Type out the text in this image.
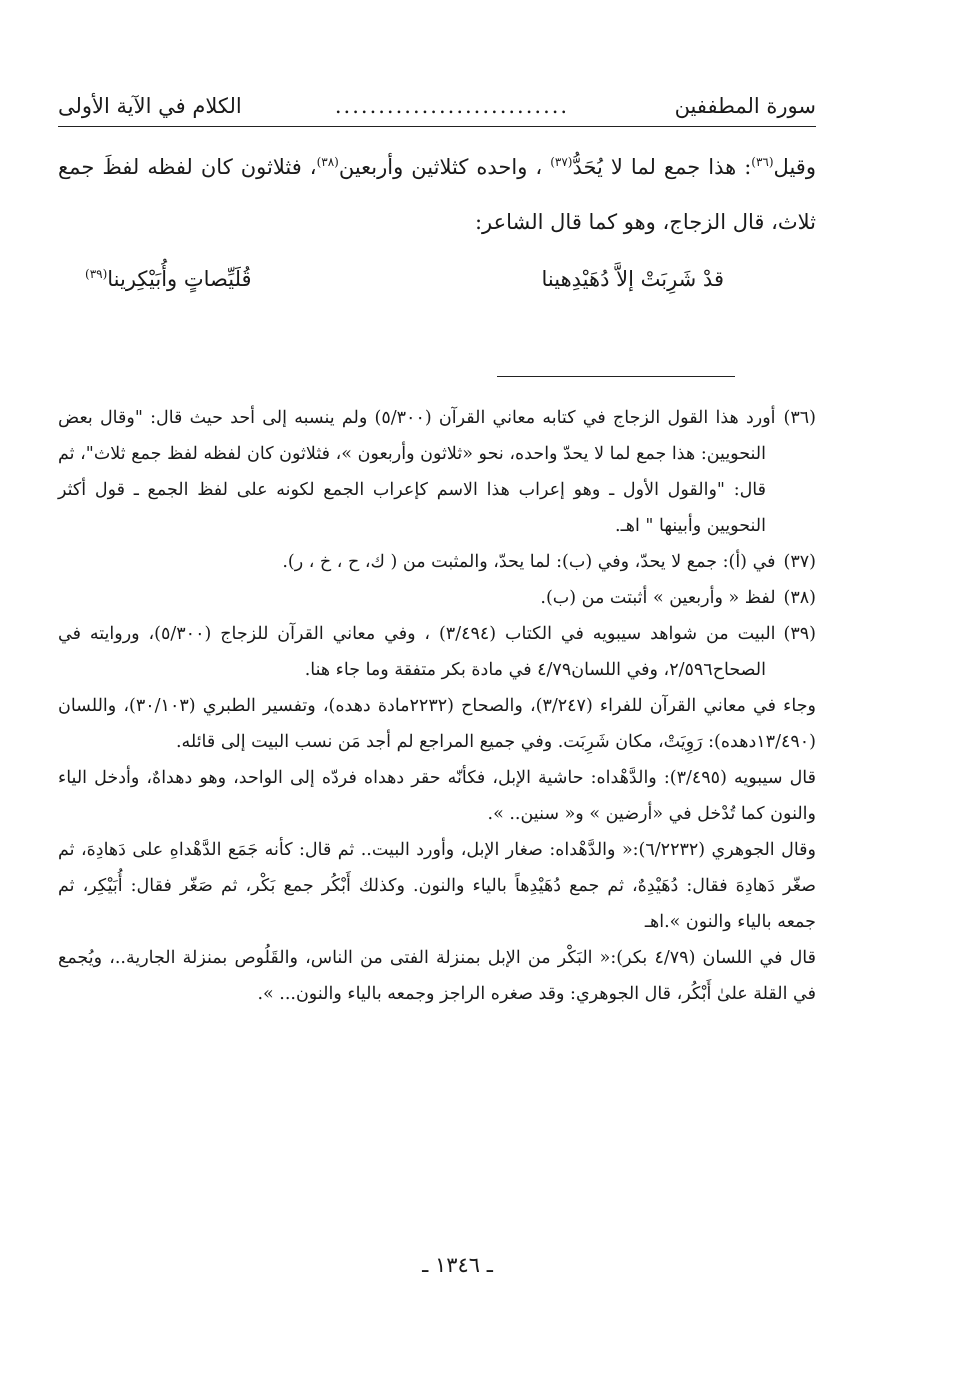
سورة المطففين
...........................
الكلام في الآية الأولى

وقيل$^{(٣٦)}$: هذا جمع لما لا يُحَدُّ$^{(٣٧)}$ ، واحده كثلاثين وأربعين$^{(٣٨)}$، فثلاثون كان لفظه لفظَ جمع ثلاث، قال الزجاج، وهو كما قال الشاعر:

قدْ شَرِبَتْ إلاَّ دُهَيْدِهينا
قُلَيِّصاتٍ وأُبَيْكِرينا$^{(٣٩)}$

(٣٦)أورد هذا القول الزجاج في كتابه معاني القرآن (٥/٣٠٠) ولم ينسبه إلى أحد حيث قال: "وقال بعض النحويين: هذا جمع لما لا يحدّ واحده، نحو «ثلاثون وأربعون »، فثلاثون كان لفظه لفظ جمع ثلاث"، ثم قال: "والقول الأول ـ وهو إعراب هذا الاسم كإعراب الجمع لكونه على لفظ الجمع ـ قول أكثر النحويين وأبينها " اهـ.

(٣٧)في (أ): جمع لا يحدّ، وفي (ب): لما يحدّ، والمثبت من ( ك، ح ، خ ، ر).

(٣٨)لفظ « وأربعين » أثبتت من (ب).

(٣٩)البيت من شواهد سيبويه في الكتاب (٣/٤٩٤) ، وفي معاني القرآن للزجاج (٥/٣٠٠)، وروايته في الصحاح٢/٥٩٦، وفي اللسان٤/٧٩ في مادة بكر متفقة وما جاء هنا.

وجاء في معاني القرآن للفراء (٣/٢٤٧)، والصحاح (٢٢٣٢مادة دهده)، وتفسير الطبري (٣٠/١٠٣)، واللسان (١٣/٤٩٠دهده): رَوِيَتْ، مكان شَرِبَت. وفي جميع المراجع لم أجد مَن نسب البيت إلى قائله.

قال سيبويه (٣/٤٩٥): والدَّهْداه: حاشية الإبل، فكأنّه حقر دهداه فردّه إلى الواحد، وهو دهداهٌ، وأدخل الياء والنون كما تُدْخل في «أرضين » و« سنين.. ».

وقال الجوهري (٦/٢٢٣٢):« والدَّهْداه: صغار الإبل، وأورد البيت.. ثم قال: كأنه جَمَع الدَّهْداهِ على دَهادِهَ، ثم صغّر دَهادِهَ فقال: دُهَيْدِهٌ، ثم جمع دُهَيْدِهاً بالياء والنون. وكذلك أَبْكُر جمع بَكْر، ثم صَغّر فقال: أُبَيْكِر، ثم جمعه بالياء والنون ».اهـ

قال في اللسان (٤/٧٩ بكر):« البَكْر من الإبل بمنزلة الفتى من الناس، والقَلُوص بمنزلة الجارية..، ويُجمع في القلة علىٰ أَبْكُر، قال الجوهري: وقد صغره الراجز وجمعه بالياء والنون... ».

ـ ١٣٤٦ ـ
